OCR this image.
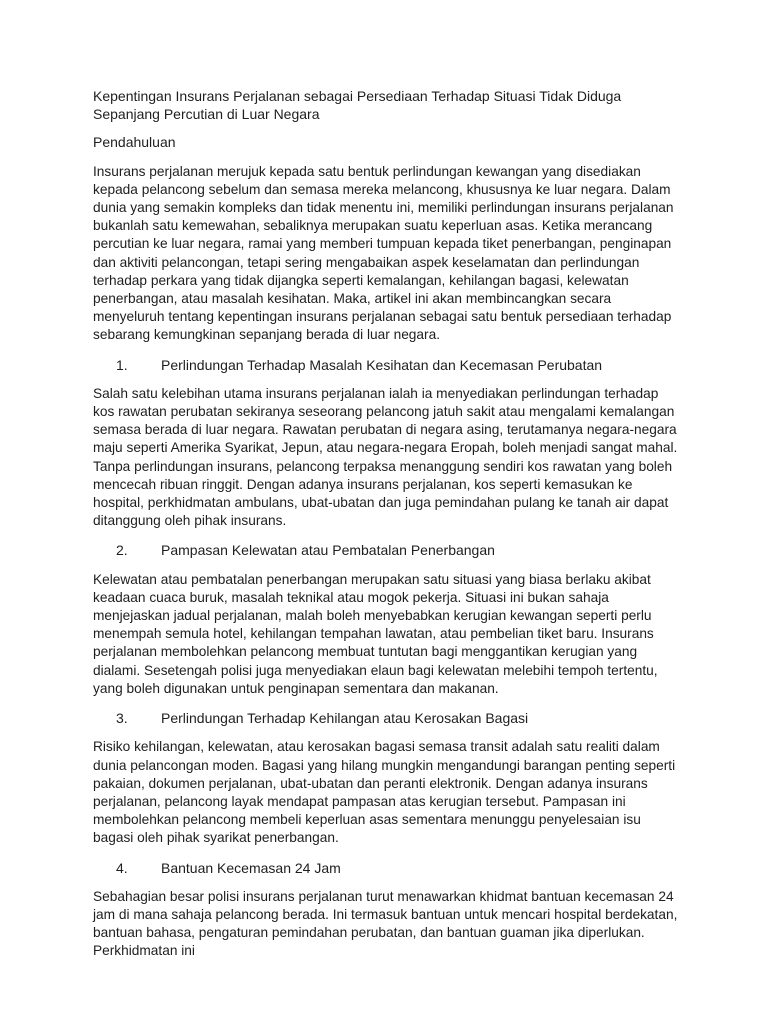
Kepentingan Insurans Perjalanan sebagai Persediaan Terhadap Situasi Tidak Diduga Sepanjang Percutian di Luar Negara

Pendahuluan

Insurans perjalanan merujuk kepada satu bentuk perlindungan kewangan yang disediakan kepada pelancong sebelum dan semasa mereka melancong, khususnya ke luar negara. Dalam dunia yang semakin kompleks dan tidak menentu ini, memiliki perlindungan insurans perjalanan bukanlah satu kemewahan, sebaliknya merupakan suatu keperluan asas. Ketika merancang percutian ke luar negara, ramai yang memberi tumpuan kepada tiket penerbangan, penginapan dan aktiviti pelancongan, tetapi sering mengabaikan aspek keselamatan dan perlindungan terhadap perkara yang tidak dijangka seperti kemalangan, kehilangan bagasi, kelewatan penerbangan, atau masalah kesihatan. Maka, artikel ini akan membincangkan secara menyeluruh tentang kepentingan insurans perjalanan sebagai satu bentuk persediaan terhadap sebarang kemungkinan sepanjang berada di luar negara.

1.	Perlindungan Terhadap Masalah Kesihatan dan Kecemasan Perubatan

Salah satu kelebihan utama insurans perjalanan ialah ia menyediakan perlindungan terhadap kos rawatan perubatan sekiranya seseorang pelancong jatuh sakit atau mengalami kemalangan semasa berada di luar negara. Rawatan perubatan di negara asing, terutamanya negara-negara maju seperti Amerika Syarikat, Jepun, atau negara-negara Eropah, boleh menjadi sangat mahal. Tanpa perlindungan insurans, pelancong terpaksa menanggung sendiri kos rawatan yang boleh mencecah ribuan ringgit. Dengan adanya insurans perjalanan, kos seperti kemasukan ke hospital, perkhidmatan ambulans, ubat-ubatan dan juga pemindahan pulang ke tanah air dapat ditanggung oleh pihak insurans.

2.	Pampasan Kelewatan atau Pembatalan Penerbangan

Kelewatan atau pembatalan penerbangan merupakan satu situasi yang biasa berlaku akibat keadaan cuaca buruk, masalah teknikal atau mogok pekerja. Situasi ini bukan sahaja menjejaskan jadual perjalanan, malah boleh menyebabkan kerugian kewangan seperti perlu menempah semula hotel, kehilangan tempahan lawatan, atau pembelian tiket baru. Insurans perjalanan membolehkan pelancong membuat tuntutan bagi menggantikan kerugian yang dialami. Sesetengah polisi juga menyediakan elaun bagi kelewatan melebihi tempoh tertentu, yang boleh digunakan untuk penginapan sementara dan makanan.

3.	Perlindungan Terhadap Kehilangan atau Kerosakan Bagasi

Risiko kehilangan, kelewatan, atau kerosakan bagasi semasa transit adalah satu realiti dalam dunia pelancongan moden. Bagasi yang hilang mungkin mengandungi barangan penting seperti pakaian, dokumen perjalanan, ubat-ubatan dan peranti elektronik. Dengan adanya insurans perjalanan, pelancong layak mendapat pampasan atas kerugian tersebut. Pampasan ini membolehkan pelancong membeli keperluan asas sementara menunggu penyelesaian isu bagasi oleh pihak syarikat penerbangan.

4.	Bantuan Kecemasan 24 Jam

Sebahagian besar polisi insurans perjalanan turut menawarkan khidmat bantuan kecemasan 24 jam di mana sahaja pelancong berada. Ini termasuk bantuan untuk mencari hospital berdekatan, bantuan bahasa, pengaturan pemindahan perubatan, dan bantuan guaman jika diperlukan. Perkhidmatan ini
